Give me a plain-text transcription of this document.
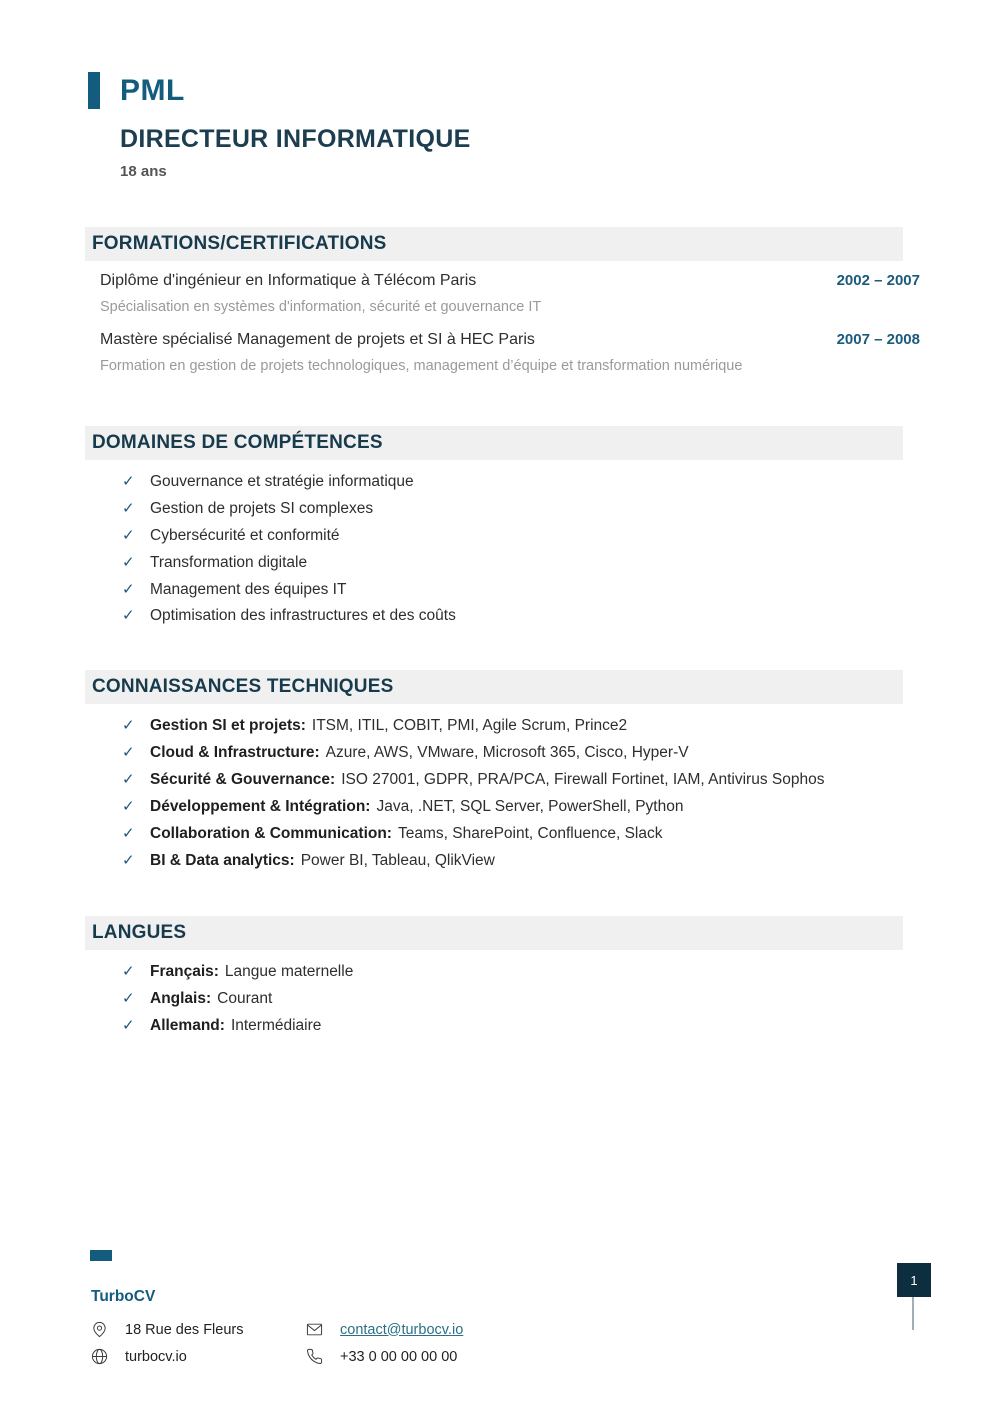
PML
DIRECTEUR INFORMATIQUE
18 ans
FORMATIONS/CERTIFICATIONS
Diplôme d'ingénieur en Informatique à Télécom Paris	2002 – 2007
Spécialisation en systèmes d'information, sécurité et gouvernance IT
Mastère spécialisé Management de projets et SI à HEC Paris	2007 – 2008
Formation en gestion de projets technologiques, management d’équipe et transformation numérique
DOMAINES DE COMPÉTENCES
✓ Gouvernance et stratégie informatique
✓ Gestion de projets SI complexes
✓ Cybersécurité et conformité
✓ Transformation digitale
✓ Management des équipes IT
✓ Optimisation des infrastructures et des coûts
CONNAISSANCES TECHNIQUES
✓ Gestion SI et projets: ITSM, ITIL, COBIT, PMI, Agile Scrum, Prince2
✓ Cloud & Infrastructure: Azure, AWS, VMware, Microsoft 365, Cisco, Hyper-V
✓ Sécurité & Gouvernance: ISO 27001, GDPR, PRA/PCA, Firewall Fortinet, IAM, Antivirus Sophos
✓ Développement & Intégration: Java, .NET, SQL Server, PowerShell, Python
✓ Collaboration & Communication: Teams, SharePoint, Confluence, Slack
✓ BI & Data analytics: Power BI, Tableau, QlikView
LANGUES
✓ Français: Langue maternelle
✓ Anglais: Courant
✓ Allemand: Intermédiaire
TurboCV
18 Rue des Fleurs	contact@turbocv.io
turbocv.io	+33 0 00 00 00 00
1
